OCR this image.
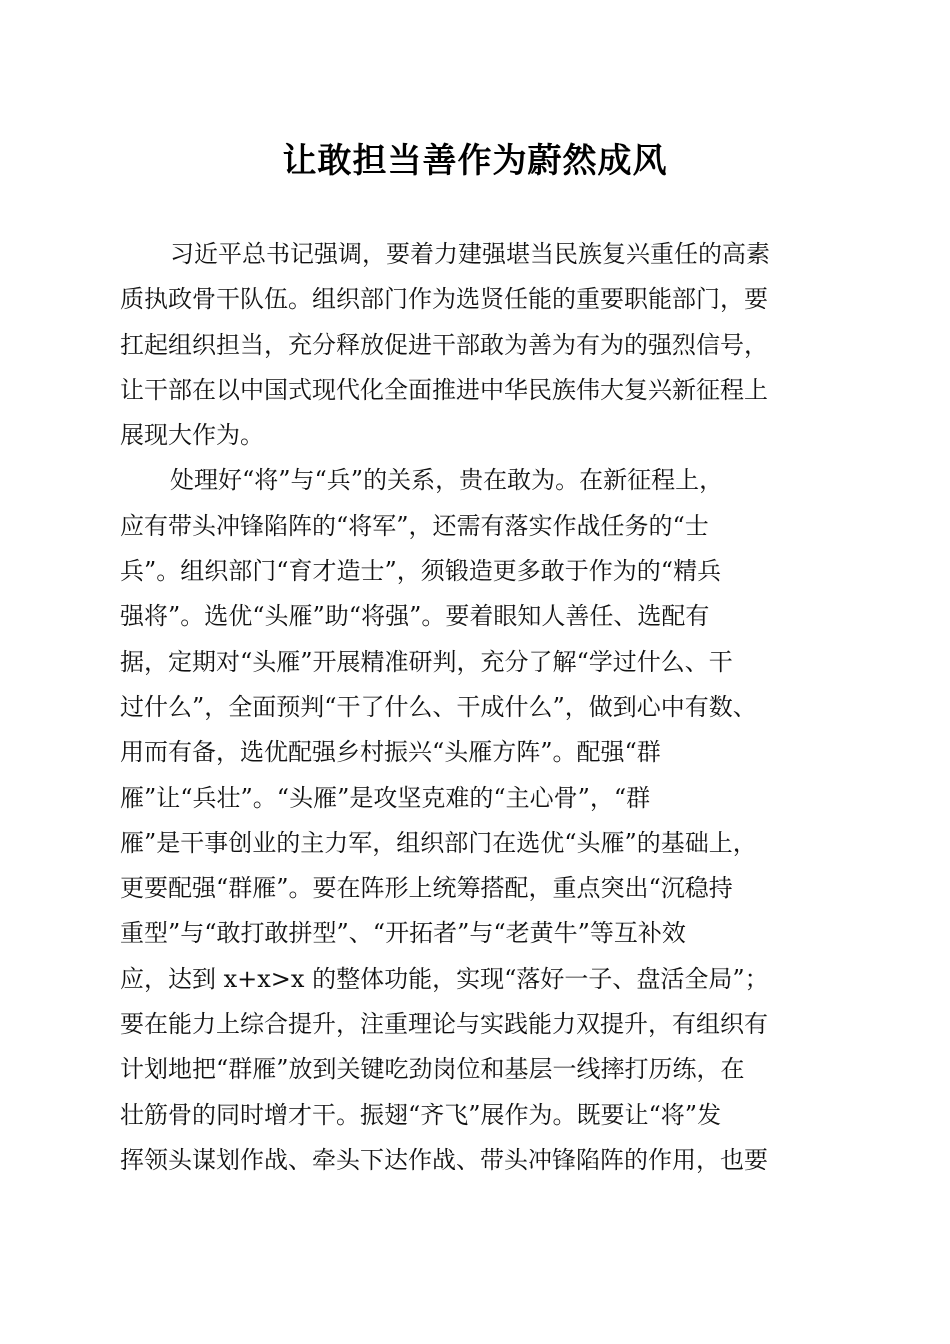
让敢担当善作为蔚然成风
习近平总书记强调，要着力建强堪当民族复兴重任的高素
质执政骨干队伍。组织部门作为选贤任能的重要职能部门，要
扛起组织担当，充分释放促进干部敢为善为有为的强烈信号，
让干部在以中国式现代化全面推进中华民族伟大复兴新征程上
展现大作为。
处理好“将”与“兵”的关系，贵在敢为。在新征程上，
应有带头冲锋陷阵的“将军”，还需有落实作战任务的“士
兵”。组织部门“育才造士”，须锻造更多敢于作为的“精兵
强将”。选优“头雁”助“将强”。要着眼知人善任、选配有
据，定期对“头雁”开展精准研判，充分了解“学过什么、干
过什么”，全面预判“干了什么、干成什么”，做到心中有数、
用而有备，选优配强乡村振兴“头雁方阵”。配强“群
雁”让“兵壮”。“头雁”是攻坚克难的“主心骨”，“群
雁”是干事创业的主力军，组织部门在选优“头雁”的基础上，
更要配强“群雁”。要在阵形上统筹搭配，重点突出“沉稳持
重型”与“敢打敢拼型”、“开拓者”与“老黄牛”等互补效
应，达到 x+x>x 的整体功能，实现“落好一子、盘活全局”；
要在能力上综合提升，注重理论与实践能力双提升，有组织有
计划地把“群雁”放到关键吃劲岗位和基层一线摔打历练，在
壮筋骨的同时增才干。振翅“齐飞”展作为。既要让“将”发
挥领头谋划作战、牵头下达作战、带头冲锋陷阵的作用，也要
